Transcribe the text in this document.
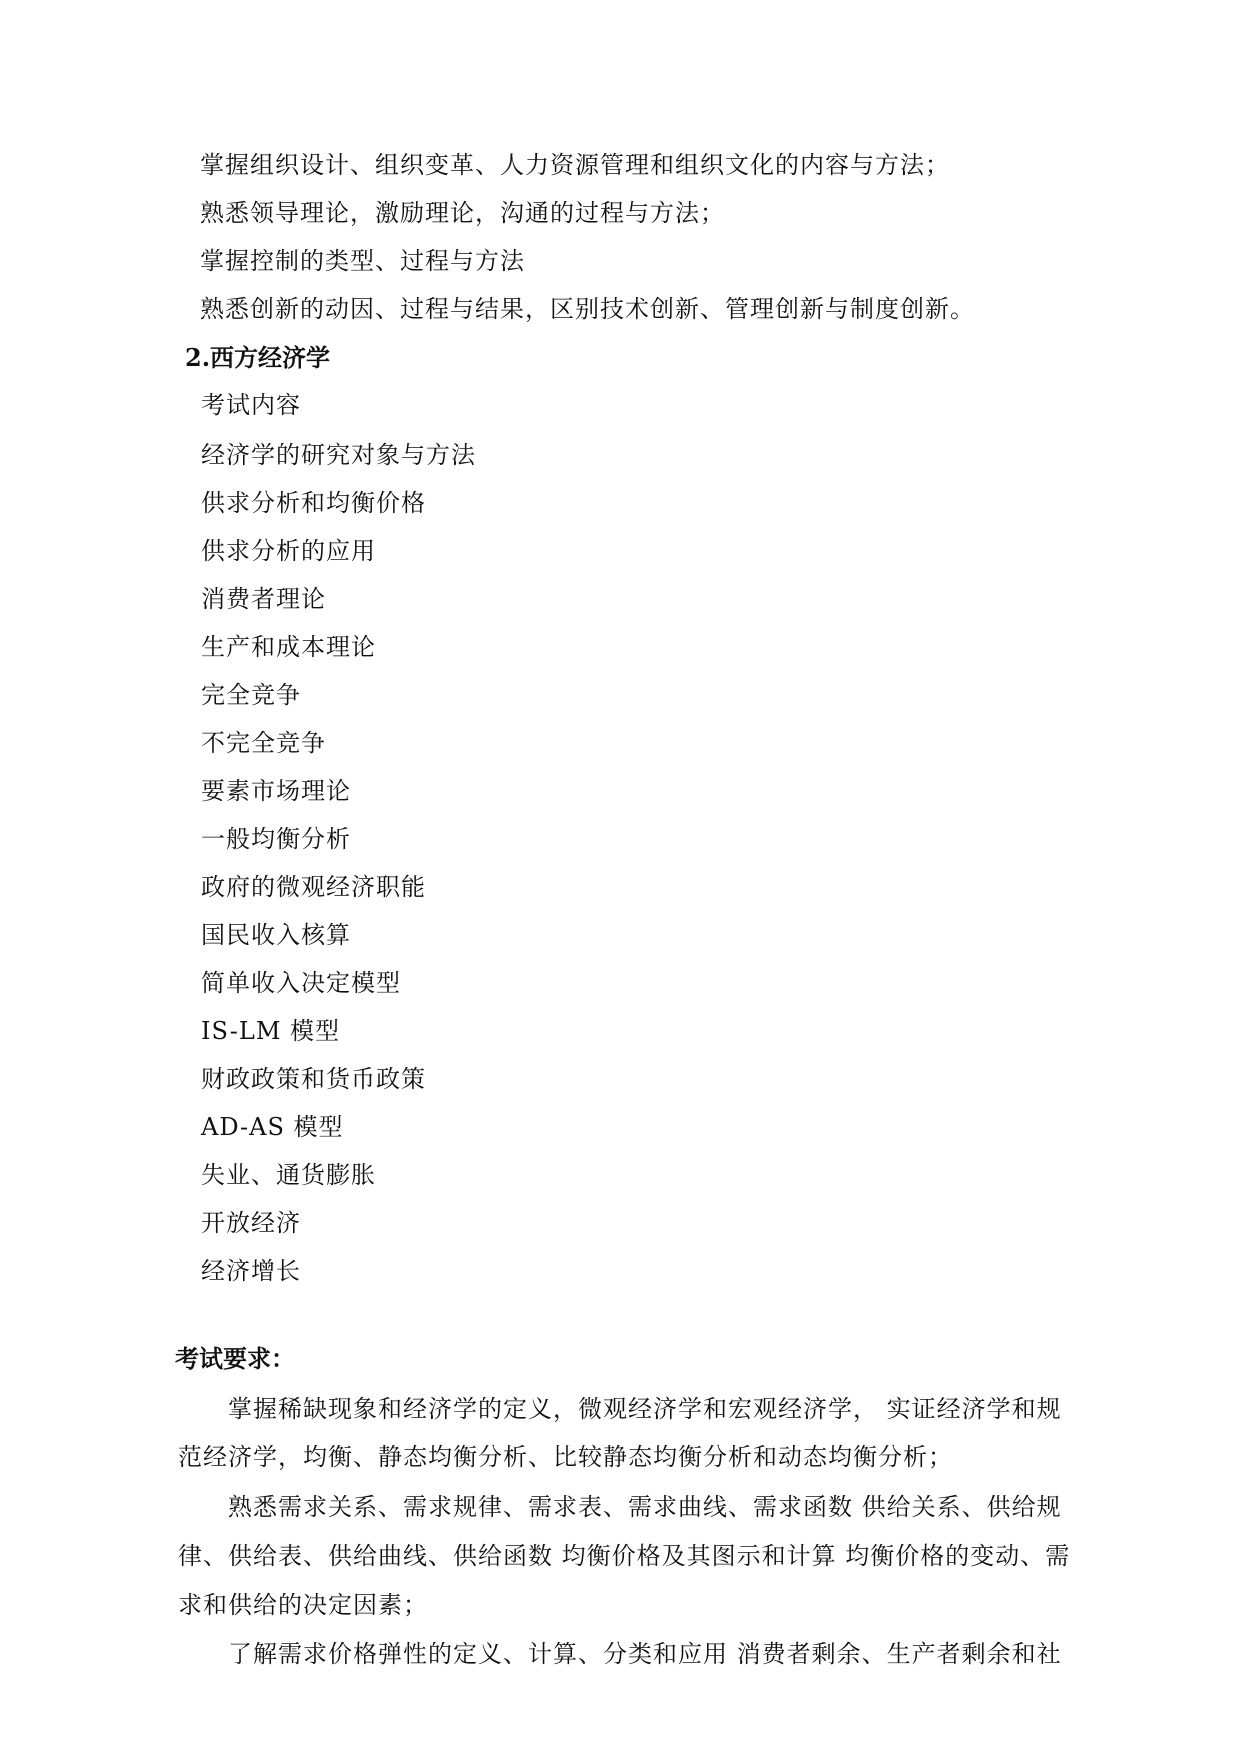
掌握组织设计、组织变革、人力资源管理和组织文化的内容与方法；
熟悉领导理论，激励理论，沟通的过程与方法；
掌握控制的类型、过程与方法
熟悉创新的动因、过程与结果，区别技术创新、管理创新与制度创新。
2.西方经济学
考试内容
经济学的研究对象与方法
供求分析和均衡价格
供求分析的应用
消费者理论
生产和成本理论
完全竞争
不完全竞争
要素市场理论
一般均衡分析
政府的微观经济职能
国民收入核算
简单收入决定模型
IS-LM 模型
财政政策和货币政策
AD-AS 模型
失业、通货膨胀
开放经济
经济增长
考试要求：
掌握稀缺现象和经济学的定义，微观经济学和宏观经济学， 实证经济学和规
范经济学，均衡、静态均衡分析、比较静态均衡分析和动态均衡分析；
熟悉需求关系、需求规律、需求表、需求曲线、需求函数 供给关系、供给规
律、供给表、供给曲线、供给函数 均衡价格及其图示和计算 均衡价格的变动、需
求和供给的决定因素；
了解需求价格弹性的定义、计算、分类和应用 消费者剩余、生产者剩余和社
